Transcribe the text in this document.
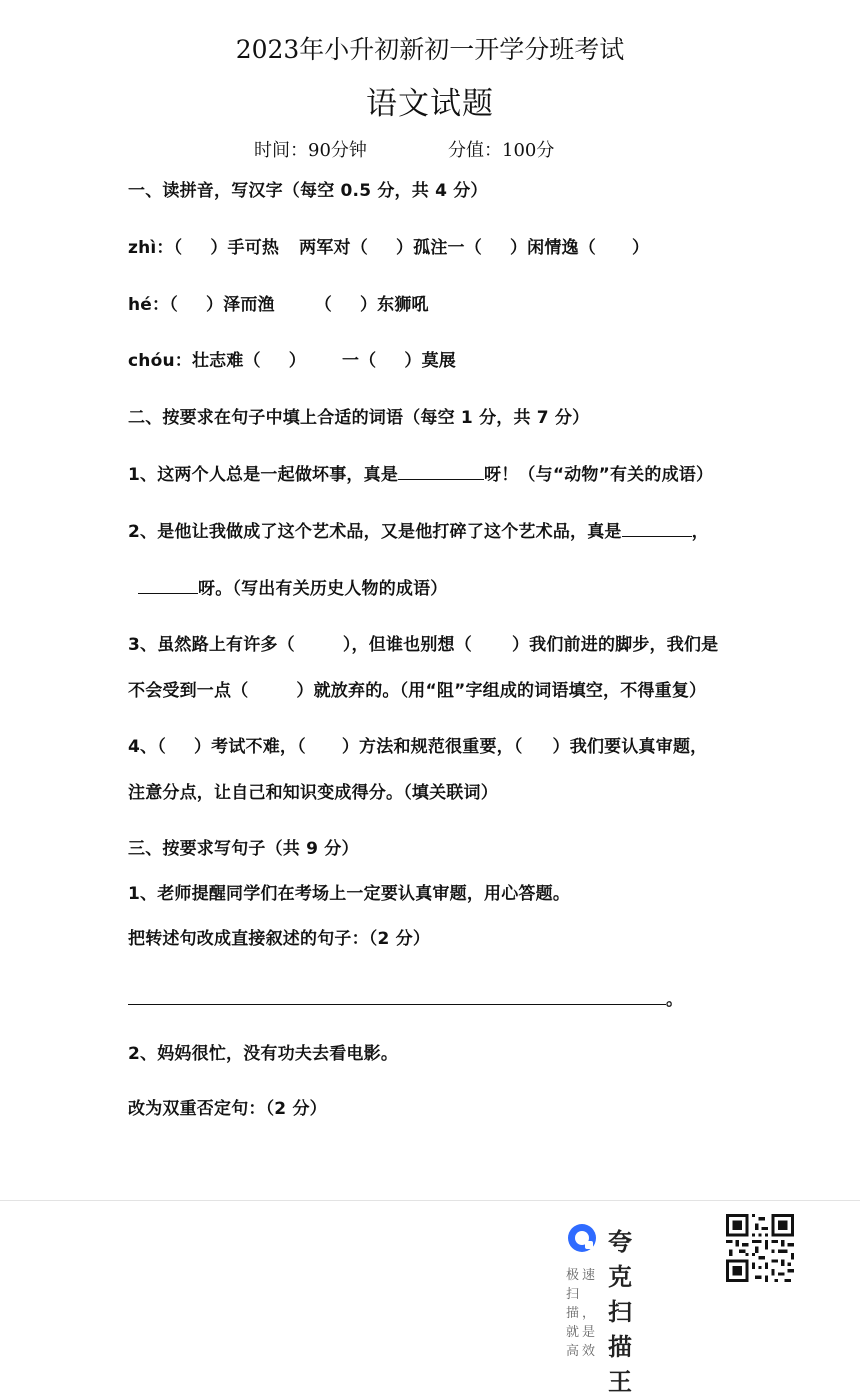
2023年小升初新初一开学分班考试
语文试题
时间：90分钟	分值：100分
一、读拼音，写汉字（每空 0.5 分，共 4 分）
zhì：（ ）手可热 两军对（ ）孤注一（ ）闲情逸（ ）
hé：（ ）泽而渔 （ ）东狮吼
chóu：壮志难（ ） 一（ ）莫展
二、按要求在句子中填上合适的词语（每空 1 分，共 7 分）
1、这两个人总是一起做坏事，真是	呀！（与“动物”有关的成语）
2、是他让我做成了这个艺术品，又是他打碎了这个艺术品，真是	，
呀。（写出有关历史人物的成语）
3、虽然路上有许多（	），但谁也别想（ ）我们前进的脚步，我们是
不会受到一点（	）就放弃的。（用“阻”字组成的词语填空，不得重复）
4、（ ）考试不难，（ ）方法和规范很重要，（ ）我们要认真审题，
注意分点，让自己和知识变成得分。（填关联词）
三、按要求写句子（共 9 分）
1、老师提醒同学们在考场上一定要认真审题，用心答题。
把转述句改成直接叙述的句子：（2 分）
。
2、妈妈很忙，没有功夫去看电影。
改为双重否定句：（2 分）
夸克扫描王
极速扫描，就是高效
